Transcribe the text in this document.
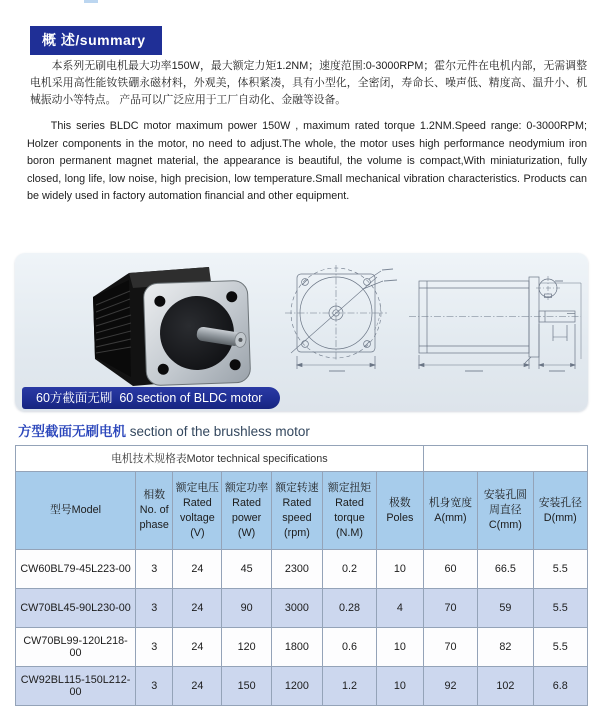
概 述/summary

本系列无刷电机最大功率150W，最大额定力矩1.2NM；速度范围:0-3000RPM；霍尔元件在电机内部，无需调整电机采用高性能钕铁硼永磁材料，外观美，体积紧凑，具有小型化，全密闭，寿命长、噪声低、精度高、温升小、机械振动小等特点。 产品可以广泛应用于工厂自动化、金融等设备。

This series BLDC motor maximum power 150W , maximum rated torque 1.2NM.Speed range: 0-3000RPM; Holzer components in the motor, no need to adjust.The whole, the motor uses high performance neodymium iron boron permanent magnet material, the appearance is beautiful, the volume is compact,With miniaturization, fully closed, long life, low noise, high precision, low temperature.Small mechanical vibration characteristics. Products can be widely used in factory automation financial and other equipment.

60方截面无刷  60 section of BLDC motor
方型截面无刷电机 section of the brushless motor
电机技术规格表Motor technical specifications									
型号Model	相数
No. of
phase	额定电压
Rated
voltage
(V)	额定功率
Rated
power
(W)	额定转速
Rated
speed
(rpm)	额定扭矩
Rated
torque
(N.M)	极数
Poles	机身宽度
A(mm)	安装孔圆
周直径
C(mm)	安装孔径
D(mm)
CW60BL79-45L223-00	3	24	45	2300	0.2	10	60	66.5	5.5
CW70BL45-90L230-00	3	24	90	3000	0.28	4	70	59	5.5
CW70BL99-120L218-00	3	24	120	1800	0.6	10	70	82	5.5
CW92BL115-150L212-00	3	24	150	1200	1.2	10	92	102	6.8
